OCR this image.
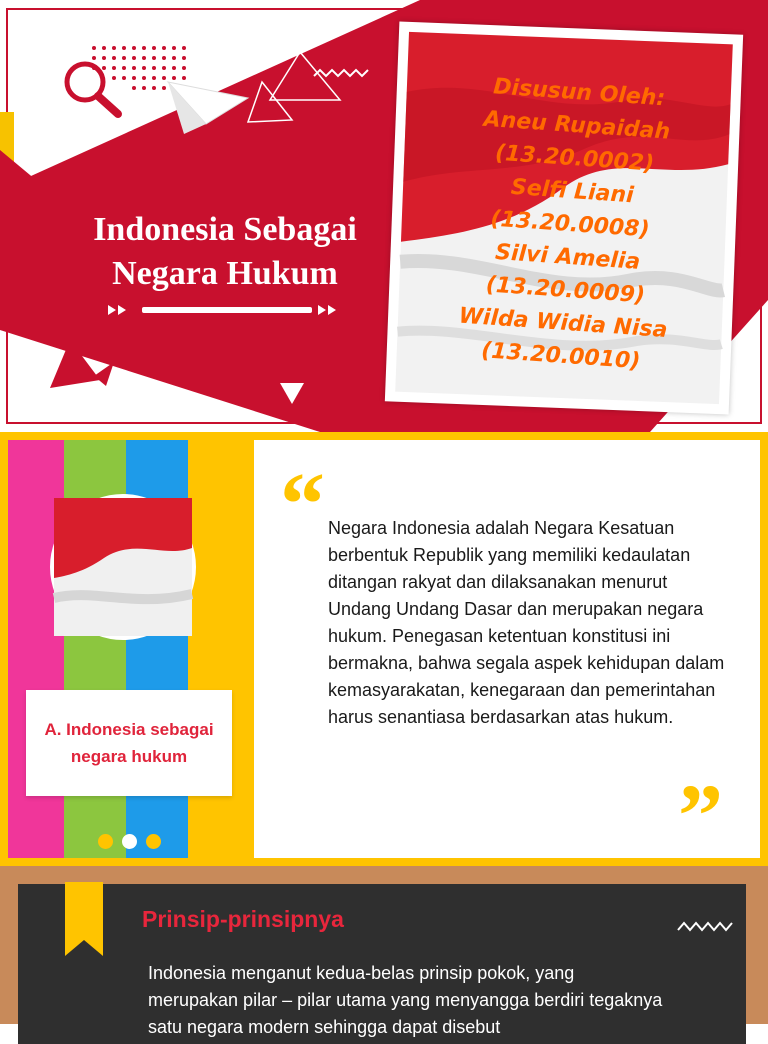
Indonesia Sebagai
Negara Hukum
Disusun Oleh:
Aneu Rupaidah
(13.20.0002)
Selfi Liani
(13.20.0008)
Silvi Amelia
(13.20.0009)
Wilda Widia Nisa
(13.20.0010)
A. Indonesia sebagai negara hukum
“ Negara Indonesia adalah Negara Kesatuan berbentuk Republik yang memiliki kedaulatan ditangan rakyat dan dilaksanakan menurut Undang Undang Dasar dan merupakan negara hukum. Penegasan ketentuan konstitusi ini bermakna, bahwa segala aspek kehidupan dalam kemasyarakatan, kenegaraan dan pemerintahan harus senantiasa berdasarkan atas hukum.
”
Prinsip-prinsipnya
Indonesia menganut kedua-belas prinsip pokok, yang merupakan pilar – pilar utama yang menyangga berdiri tegaknya satu negara modern sehingga dapat disebut
